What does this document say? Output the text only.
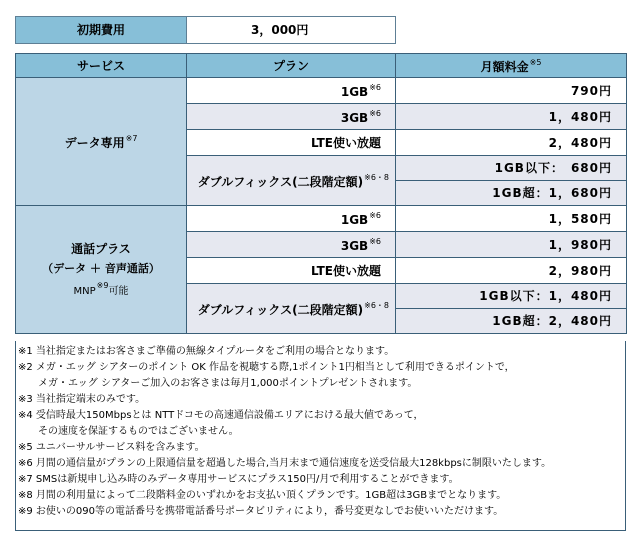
初期費用	3，000円
サービス	プラン	月額料金$^{※5}$
データ専用$^{※7}$	1GB$^{※6}$	790円
	3GB$^{※6}$	1，480円
	LTE使い放題	2，480円
	ダブルフィックス(二段階定額)$^{※6・8}$	1GB以下：　680円
		1GB超：1，680円

通話プラス
（データ ＋ 音声通話）
MNP$^{※9}$可能	1GB$^{※6}$	1，580円
	3GB$^{※6}$	1，980円
	LTE使い放題	2，980円
	ダブルフィックス(二段階定額)$^{※6・8}$	1GB以下：1，480円
		1GB超：2，480円
※1 当社指定またはお客さまご準備の無線タイプルータをご利用の場合となります。
※2 メガ・エッグ シアターのポイント OK 作品を視聴する際,1ポイント1円相当として利用できるポイントで，
　　メガ・エッグ シアターご加入のお客さまは毎月1,000ポイントプレゼントされます。
※3 当社指定端末のみです。
※4 受信時最大150Mbpsとは NTTドコモの高速通信設備エリアにおける最大値であって，
　　その速度を保証するものではございません。
※5 ユニバーサルサービス料を含みます。
※6 月間の通信量がプランの上限通信量を超過した場合,当月末まで通信速度を送受信最大128kbpsに制限いたします。
※7 SMSは新規申し込み時のみデータ専用サービスにプラス150円/月で利用することができます。
※8 月間の利用量によって二段階料金のいずれかをお支払い頂くプランです。1GB超は3GBまでとなります。
※9 お使いの090等の電話番号を携帯電話番号ポータビリティにより，番号変更なしでお使いいただけます。
